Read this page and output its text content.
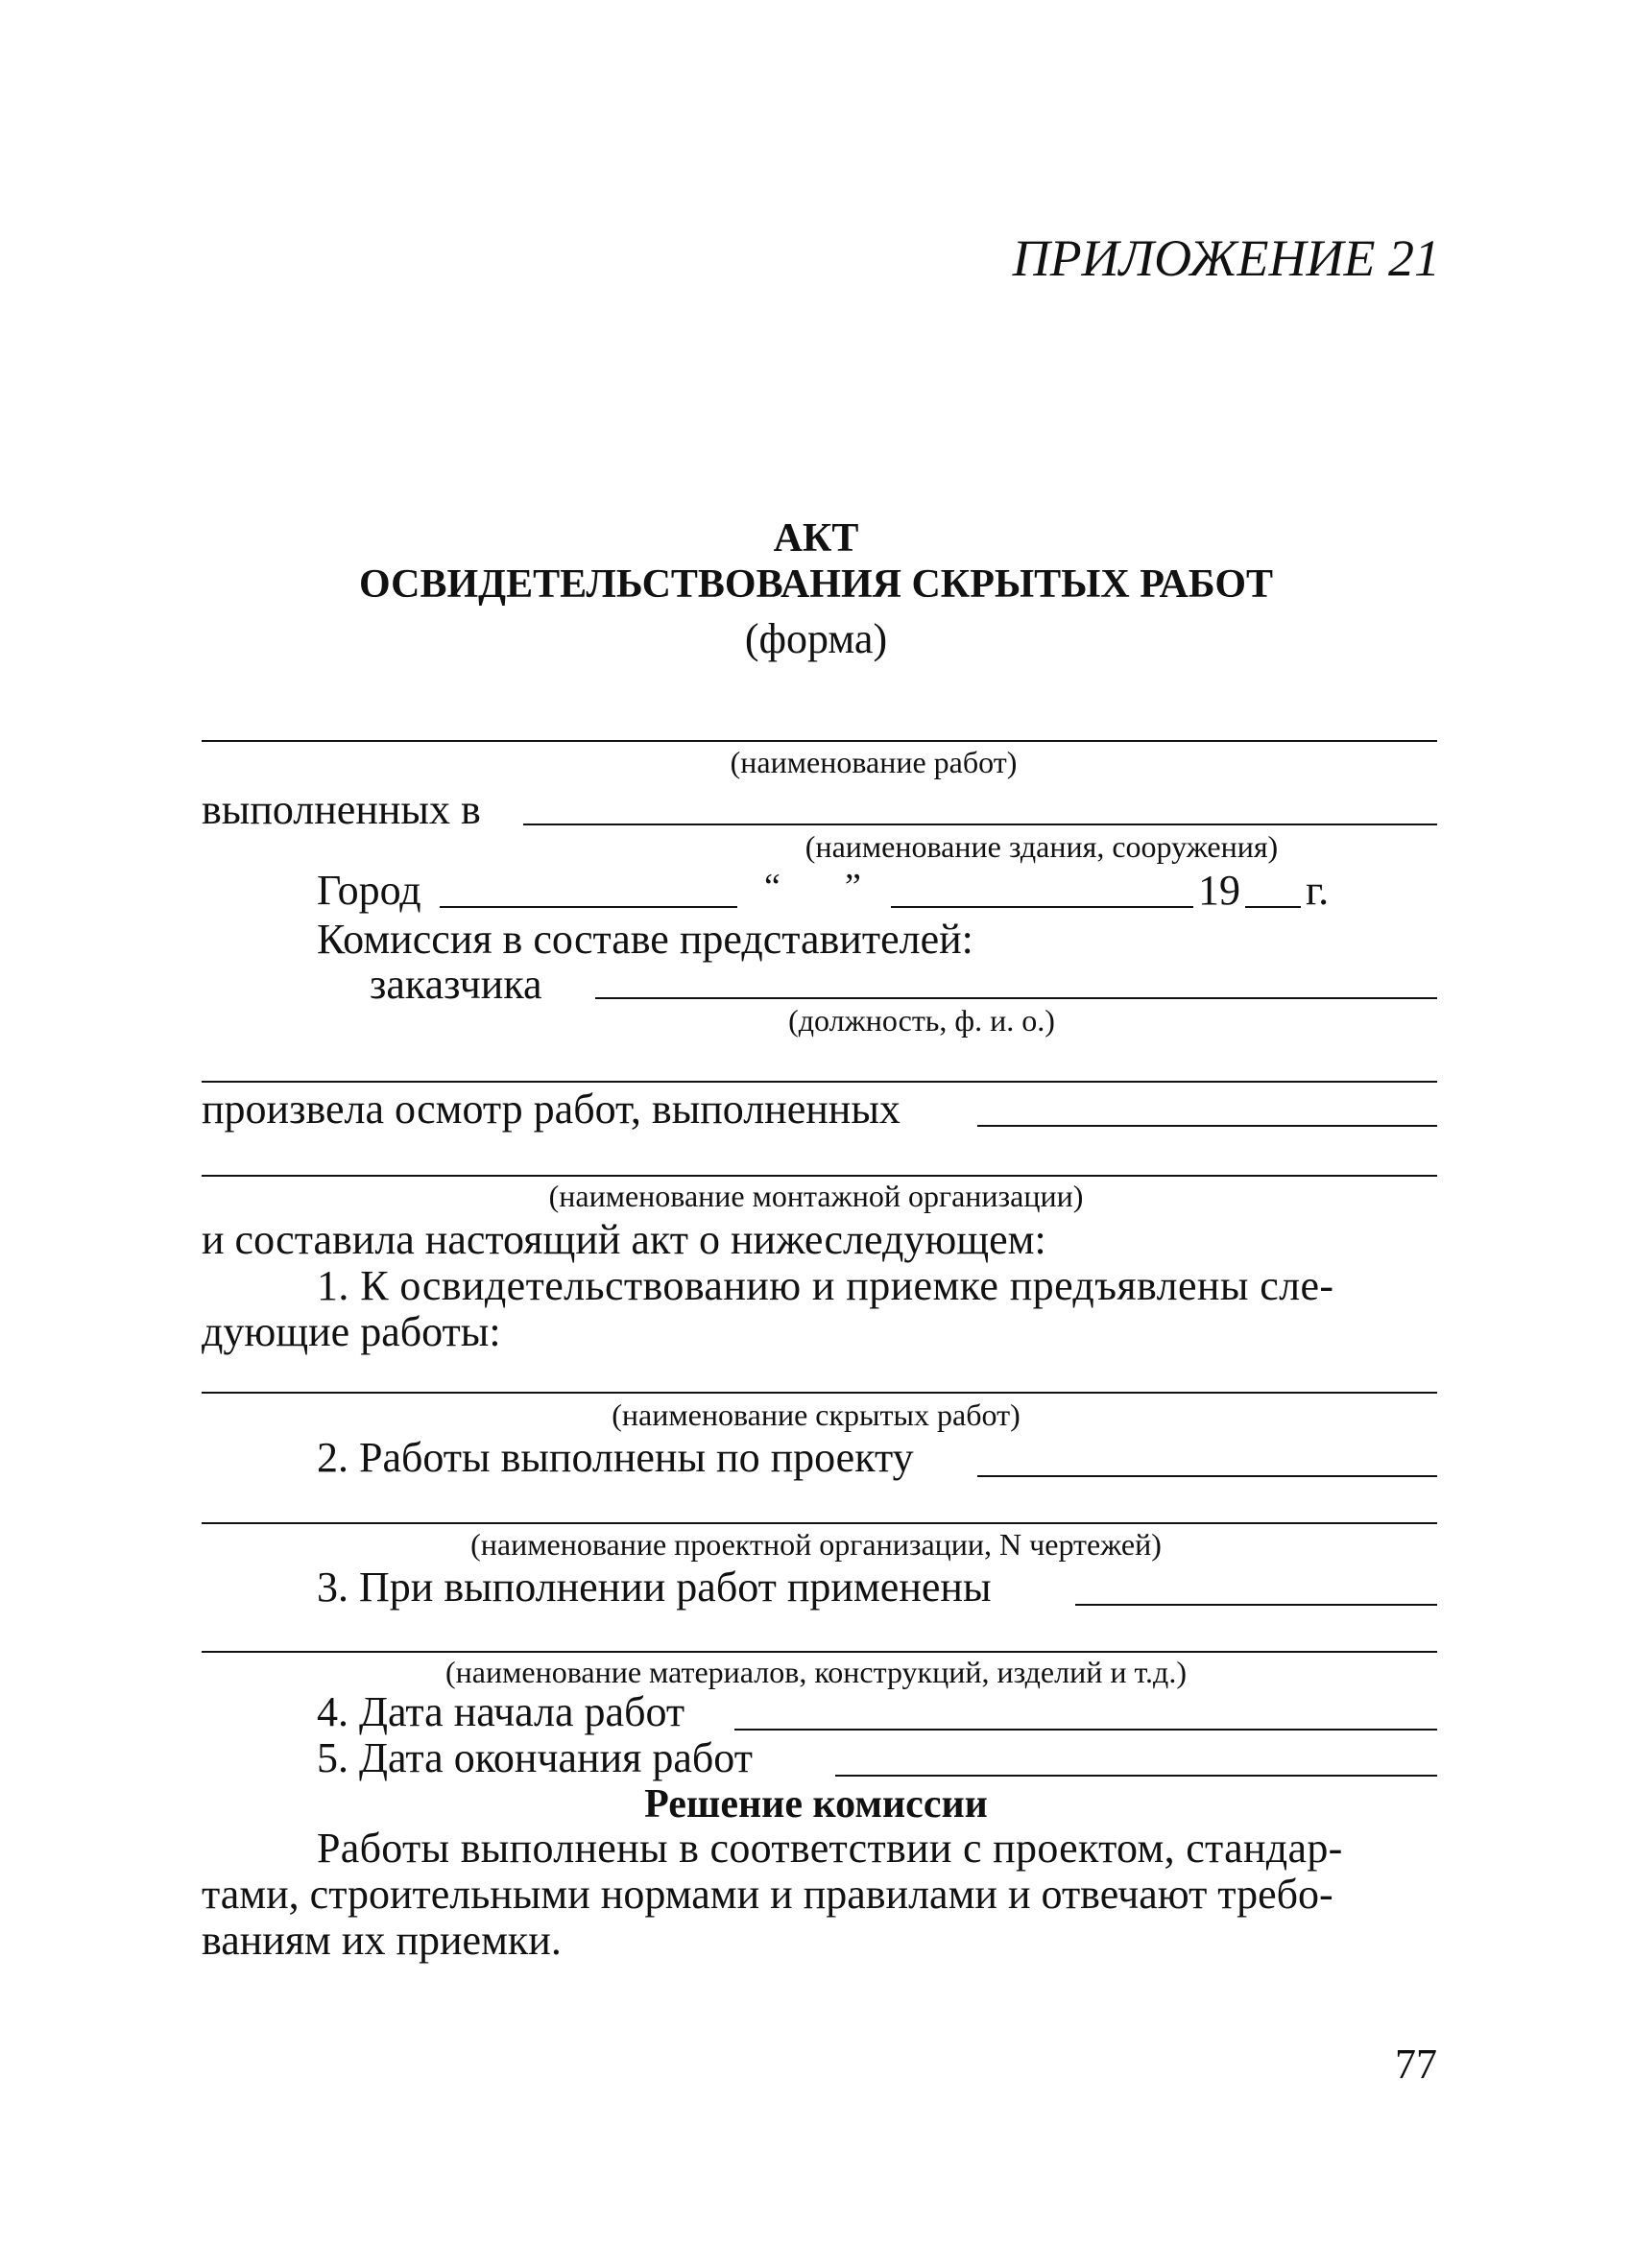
ПРИЛОЖЕНИЕ 21
АКТ
ОСВИДЕТЕЛЬСТВОВАНИЯ СКРЫТЫХ РАБОТ
(форма)
(наименование работ)
выполненных в
(наименование здания, сооружения)
Город	“ ”	19 г.
Комиссия в составе представителей:
заказчика
(должность, ф. и. о.)
произвела осмотр работ, выполненных
(наименование монтажной организации)
и составила настоящий акт о нижеследующем:
1. К освидетельствованию и приемке предъявлены сле-
дующие работы:
(наименование скрытых работ)
2. Работы выполнены по проекту
(наименование проектной организации, N чертежей)
3. При выполнении работ применены
(наименование материалов, конструкций, изделий и т.д.)
4. Дата начала работ
5. Дата окончания работ
Решение комиссии
Работы выполнены в соответствии с проектом, стандар-
тами, строительными нормами и правилами и отвечают требо-
ваниям их приемки.
77
